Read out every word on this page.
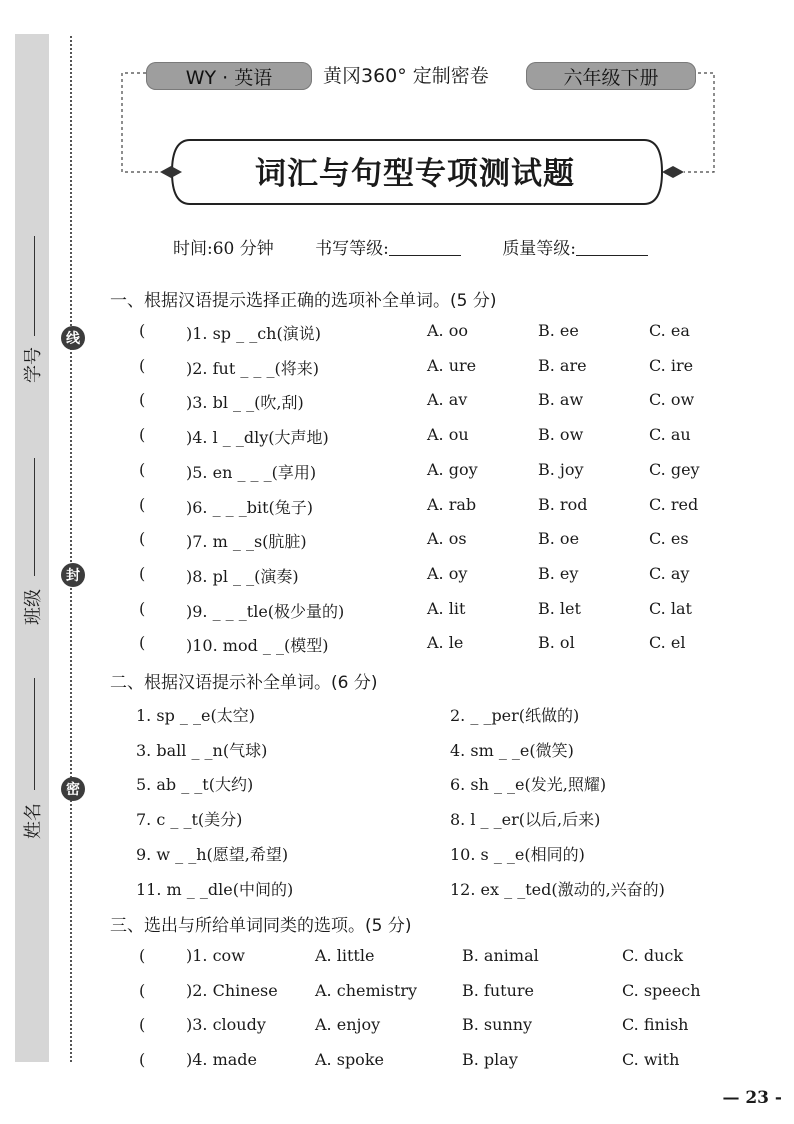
学号
班级
姓名
线
封
密
WY · 英语	黄冈360° 定制密卷	六年级下册
词汇与句型专项测试题
时间:60 分钟 书写等级:	质量等级:
一、根据汉语提示选择正确的选项补全单词。(5 分)
(	)1. sp _ _ch(演说)	A. oo	B. ee	C. ea
(	)2. fut _ _ _(将来)	A. ure	B. are	C. ire
(	)3. bl _ _(吹,刮)	A. av	B. aw	C. ow
(	)4. l _ _dly(大声地)	A. ou	B. ow	C. au
(	)5. en _ _ _(享用)	A. goy	B. joy	C. gey
(	)6. _ _ _bit(兔子)	A. rab	B. rod	C. red
(	)7. m _ _s(肮脏)	A. os	B. oe	C. es
(	)8. pl _ _(演奏)	A. oy	B. ey	C. ay
(	)9. _ _ _tle(极少量的)	A. lit	B. let	C. lat
(	)10. mod _ _(模型)	A. le	B. ol	C. el
二、根据汉语提示补全单词。(6 分)
1. sp _ _e(太空)	2. _ _per(纸做的)
3. ball _ _n(气球)	4. sm _ _e(微笑)
5. ab _ _t(大约)	6. sh _ _e(发光,照耀)
7. c _ _t(美分)	8. l _ _er(以后,后来)
9. w _ _h(愿望,希望)	10. s _ _e(相同的)
11. m _ _dle(中间的)	12. ex _ _ted(激动的,兴奋的)
三、选出与所给单词同类的选项。(5 分)
(	)1. cow	A. little	B. animal	C. duck
(	)2. Chinese A. chemistry	B. future	C. speech
(	)3. cloudy	A. enjoy	B. sunny	C. finish
(	)4. made	A. spoke	B. play	C. with
— 23 -
